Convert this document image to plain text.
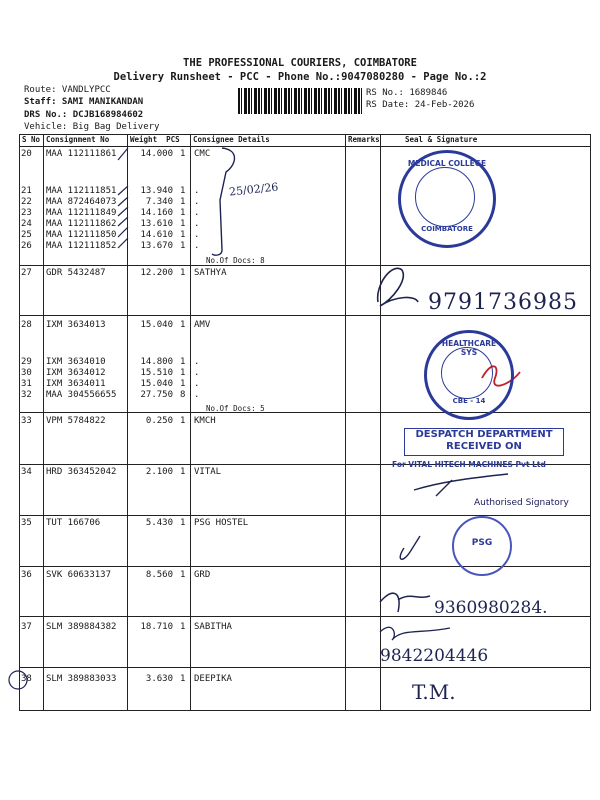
THE PROFESSIONAL COURIERS, COIMBATORE
Delivery Runsheet - PCC - Phone No.:9047080280 - Page No.:2
Route: VANDLYPCC
Staff: SAMI MANIKANDAN
DRS No.: DCJB168984602
Vehicle: Big Bag Delivery
RS No.: 1689846
RS Date: 24-Feb-2026
S No	Consignment No	Weight PCS	Consignee Details	Remarks	Seal & Signature

20 MAA 112111861	14.000 1 CMC
21 MAA 112111851	13.940 1 .
22 MAA 872464073	7.340 1 .
23 MAA 112111849	14.160 1 .
24 MAA 112111862	13.610 1 .
25 MAA 112111850	14.610 1 .
26 MAA 112111852	13.670 1 .
27 GDR 5432487	12.200 1 SATHYA
28 IXM 3634013	15.040 1 AMV
29 IXM 3634010	14.800 1 .
30 IXM 3634012	15.510 1 .
31 IXM 3634011	15.040 1 .
32 MAA 304556655	27.750 8 .
33 VPM 5784822	0.250 1 KMCH
34 HRD 363452042	2.100 1 VITAL
35 TUT 166706	5.430 1 PSG HOSTEL
36 SVK 60633137	8.560 1 GRD
37 SLM 389884382	18.710 1 SABITHA
38 SLM 389883033	3.630 1 DEEPIKA
No.Of Docs: 8
No.Of Docs: 5
25/02/26
9791736985
9360980284.
9842204446
T.M.
MEDICAL COLLEGE
COIMBATORE
HEALTHCARE SYS
CBE - 14
DESPATCH DEPARTMENT
RECEIVED ON
For VITAL HITECH MACHINES Pvt Ltd
Authorised Signatory
PSG
